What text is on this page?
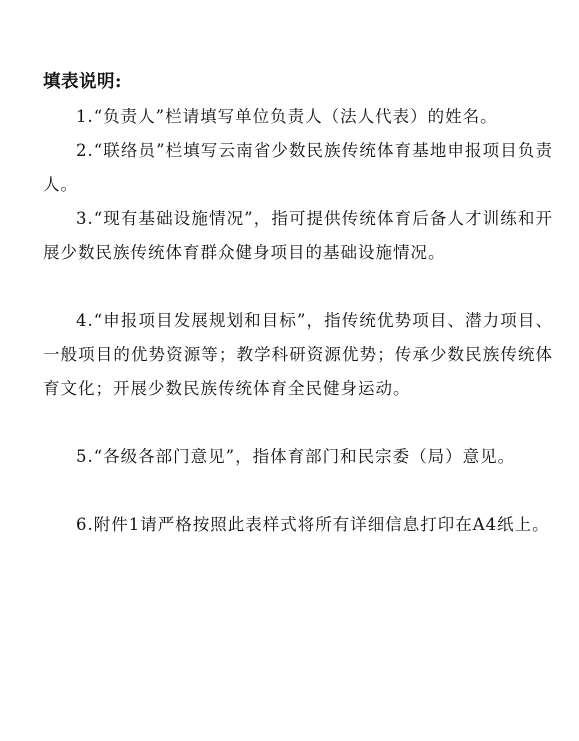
填表说明:

1.“负责人”栏请填写单位负责人（法人代表）的姓名。

2.“联络员”栏填写云南省少数民族传统体育基地申报项目负责人。

3.“现有基础设施情况”，指可提供传统体育后备人才训练和开展少数民族传统体育群众健身项目的基础设施情况。

4.“申报项目发展规划和目标”，指传统优势项目、潜力项目、一般项目的优势资源等；教学科研资源优势；传承少数民族传统体育文化；开展少数民族传统体育全民健身运动。

5.“各级各部门意见”，指体育部门和民宗委（局）意见。

6.附件1请严格按照此表样式将所有详细信息打印在A4纸上。
